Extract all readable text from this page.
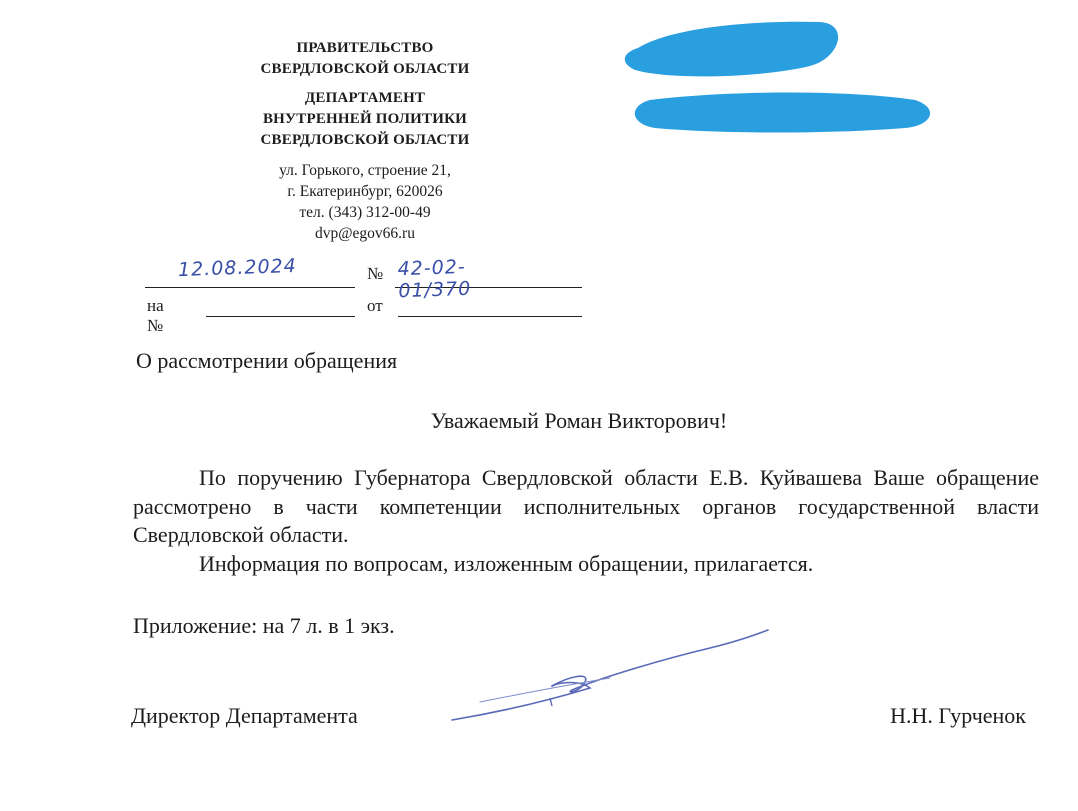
ПРАВИТЕЛЬСТВО
СВЕРДЛОВСКОЙ ОБЛАСТИ
ДЕПАРТАМЕНТ
ВНУТРЕННЕЙ ПОЛИТИКИ
СВЕРДЛОВСКОЙ ОБЛАСТИ
ул. Горького, строение 21,
г. Екатеринбург, 620026
тел. (343) 312-00-49
dvp@egov66.ru
12.08.2024	№ 42-02-01/370
на №
от
О рассмотрении обращения
Уважаемый Роман Викторович!

По поручению Губернатора Свердловской области Е.В. Куйвашева Ваше обращение рассмотрено в части компетенции исполнительных органов государственной власти Свердловской области.

Информация по вопросам, изложенным обращении, прилагается.

Приложение: на 7 л. в 1 экз.
Директор Департамента	Н.Н. Гурченок
